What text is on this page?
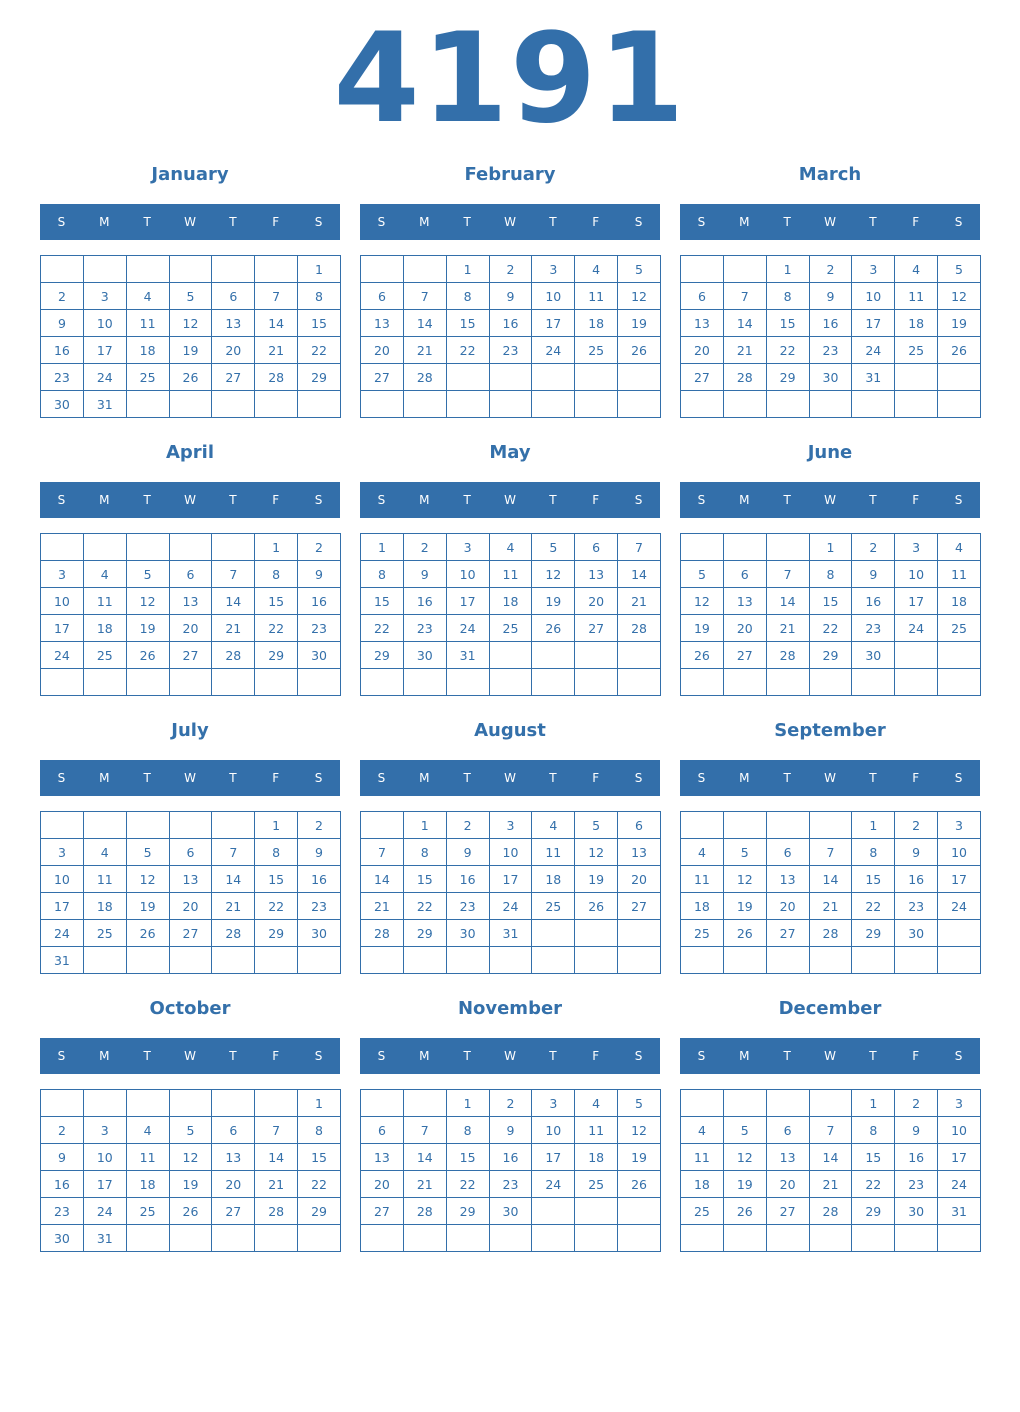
4191
January
S	M	T	W	T	F	S
						1
2	3	4	5	6	7	8
9	10	11	12	13	14	15
16	17	18	19	20	21	22
23	24	25	26	27	28	29
30	31					
February
S	M	T	W	T	F	S
		1	2	3	4	5
6	7	8	9	10	11	12
13	14	15	16	17	18	19
20	21	22	23	24	25	26
27	28					

March
S	M	T	W	T	F	S
		1	2	3	4	5
6	7	8	9	10	11	12
13	14	15	16	17	18	19
20	21	22	23	24	25	26
27	28	29	30	31		

April
S	M	T	W	T	F	S
					1	2
3	4	5	6	7	8	9
10	11	12	13	14	15	16
17	18	19	20	21	22	23
24	25	26	27	28	29	30

May
S	M	T	W	T	F	S
1	2	3	4	5	6	7
8	9	10	11	12	13	14
15	16	17	18	19	20	21
22	23	24	25	26	27	28
29	30	31				

June
S	M	T	W	T	F	S
			1	2	3	4
5	6	7	8	9	10	11
12	13	14	15	16	17	18
19	20	21	22	23	24	25
26	27	28	29	30		

July
S	M	T	W	T	F	S
					1	2
3	4	5	6	7	8	9
10	11	12	13	14	15	16
17	18	19	20	21	22	23
24	25	26	27	28	29	30
31						
August
S	M	T	W	T	F	S
	1	2	3	4	5	6
7	8	9	10	11	12	13
14	15	16	17	18	19	20
21	22	23	24	25	26	27
28	29	30	31			

September
S	M	T	W	T	F	S
				1	2	3
4	5	6	7	8	9	10
11	12	13	14	15	16	17
18	19	20	21	22	23	24
25	26	27	28	29	30	

October
S	M	T	W	T	F	S
						1
2	3	4	5	6	7	8
9	10	11	12	13	14	15
16	17	18	19	20	21	22
23	24	25	26	27	28	29
30	31					
November
S	M	T	W	T	F	S
		1	2	3	4	5
6	7	8	9	10	11	12
13	14	15	16	17	18	19
20	21	22	23	24	25	26
27	28	29	30			

December
S	M	T	W	T	F	S
				1	2	3
4	5	6	7	8	9	10
11	12	13	14	15	16	17
18	19	20	21	22	23	24
25	26	27	28	29	30	31
